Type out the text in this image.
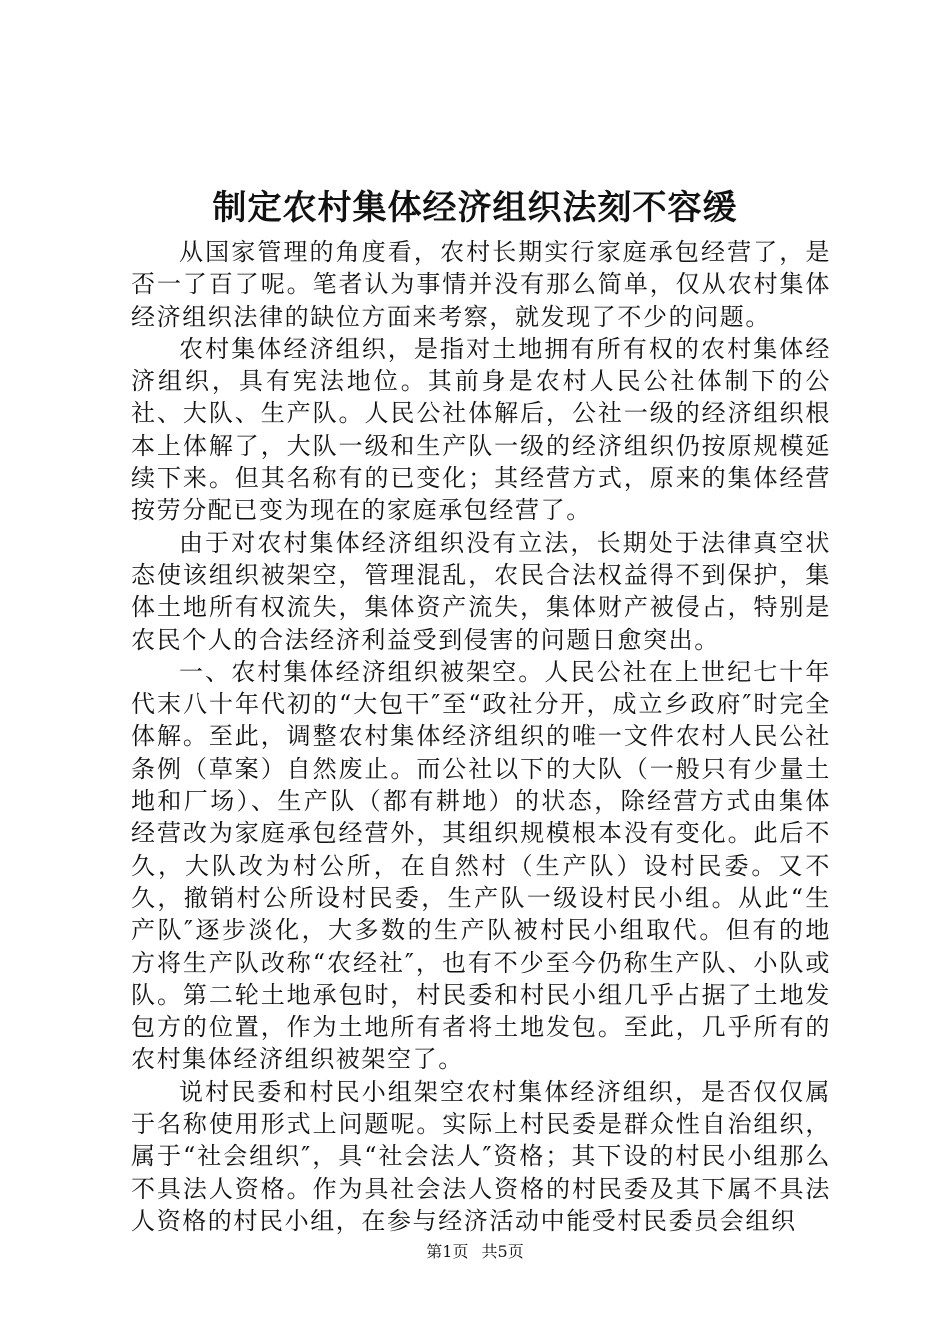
制定农村集体经济组织法刻不容缓

从国家管理的角度看，农村长期实行家庭承包经营了，是否一了百了呢。笔者认为事情并没有那么简单，仅从农村集体经济组织法律的缺位方面来考察，就发现了不少的问题。

农村集体经济组织，是指对土地拥有所有权的农村集体经济组织，具有宪法地位。其前身是农村人民公社体制下的公社、大队、生产队。人民公社体解后，公社一级的经济组织根本上体解了，大队一级和生产队一级的经济组织仍按原规模延续下来。但其名称有的已变化；其经营方式，原来的集体经营按劳分配已变为现在的家庭承包经营了。

由于对农村集体经济组织没有立法，长期处于法律真空状态使该组织被架空，管理混乱，农民合法权益得不到保护，集体土地所有权流失，集体资产流失，集体财产被侵占，特别是农民个人的合法经济利益受到侵害的问题日愈突出。

一、农村集体经济组织被架空。人民公社在上世纪七十年代末八十年代初的“大包干″至“政社分开，成立乡政府″时完全体解。至此，调整农村集体经济组织的唯一文件农村人民公社条例（草案）自然废止。而公社以下的大队（一般只有少量土地和厂场）、生产队（都有耕地）的状态，除经营方式由集体经营改为家庭承包经营外，其组织规模根本没有变化。此后不久，大队改为村公所，在自然村（生产队）设村民委。又不久，撤销村公所设村民委，生产队一级设村民小组。从此“生产队″逐步淡化，大多数的生产队被村民小组取代。但有的地方将生产队改称“农经社″，也有不少至今仍称生产队、小队或队。第二轮土地承包时，村民委和村民小组几乎占据了土地发包方的位置，作为土地所有者将土地发包。至此，几乎所有的农村集体经济组织被架空了。

说村民委和村民小组架空农村集体经济组织，是否仅仅属于名称使用形式上问题呢。实际上村民委是群众性自治组织，属于“社会组织″，具“社会法人″资格；其下设的村民小组那么不具法人资格。作为具社会法人资格的村民委及其下属不具法人资格的村民小组，在参与经济活动中能受村民委员会组织

第1页 共5页
